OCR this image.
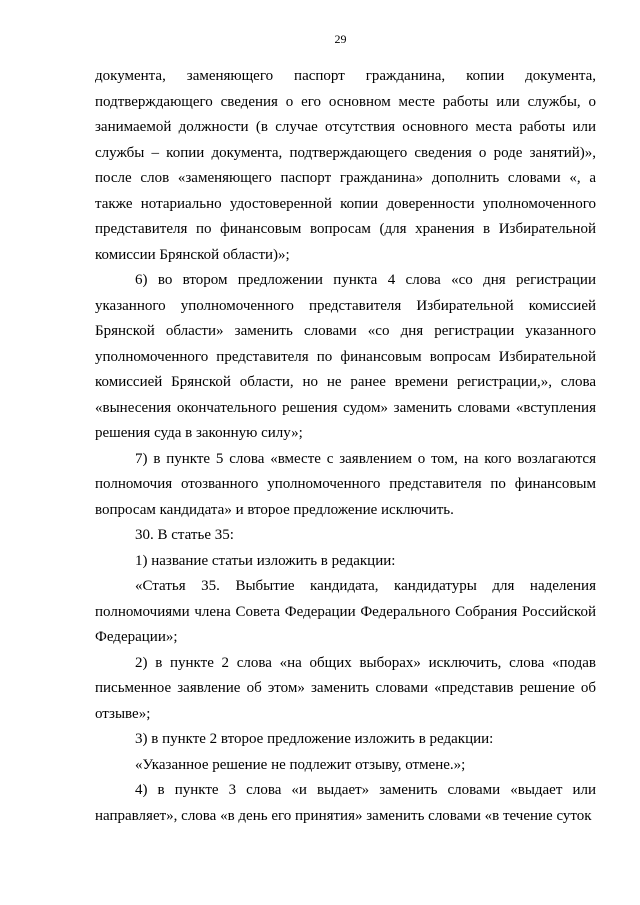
29

документа, заменяющего паспорт гражданина, копии документа, подтверждающего сведения о его основном месте работы или службы, о занимаемой должности (в случае отсутствия основного места работы или службы – копии документа, подтверждающего сведения о роде занятий)», после слов «заменяющего паспорт гражданина» дополнить словами «, а также нотариально удостоверенной копии доверенности уполномоченного представителя по финансовым вопросам (для хранения в Избирательной комиссии Брянской области)»;

6) во втором предложении пункта 4 слова «со дня регистрации указанного уполномоченного представителя Избирательной комиссией Брянской области» заменить словами «со дня регистрации указанного уполномоченного представителя по финансовым вопросам Избирательной комиссией Брянской области, но не ранее времени регистрации,», слова «вынесения окончательного решения судом» заменить словами «вступления решения суда в законную силу»;

7) в пункте 5 слова «вместе с заявлением о том, на кого возлагаются полномочия отозванного уполномоченного представителя по финансовым вопросам кандидата» и второе предложение исключить.

30. В статье 35:

1) название статьи изложить в редакции:

«Статья 35. Выбытие кандидата, кандидатуры для наделения полномочиями члена Совета Федерации Федерального Собрания Российской Федерации»;

2) в пункте 2 слова «на общих выборах» исключить, слова «подав письменное заявление об этом» заменить словами «представив решение об отзыве»;

3) в пункте 2 второе предложение изложить в редакции:

«Указанное решение не подлежит отзыву, отмене.»;

4) в пункте 3 слова «и выдает» заменить словами «выдает или направляет», слова «в день его принятия» заменить словами «в течение суток
